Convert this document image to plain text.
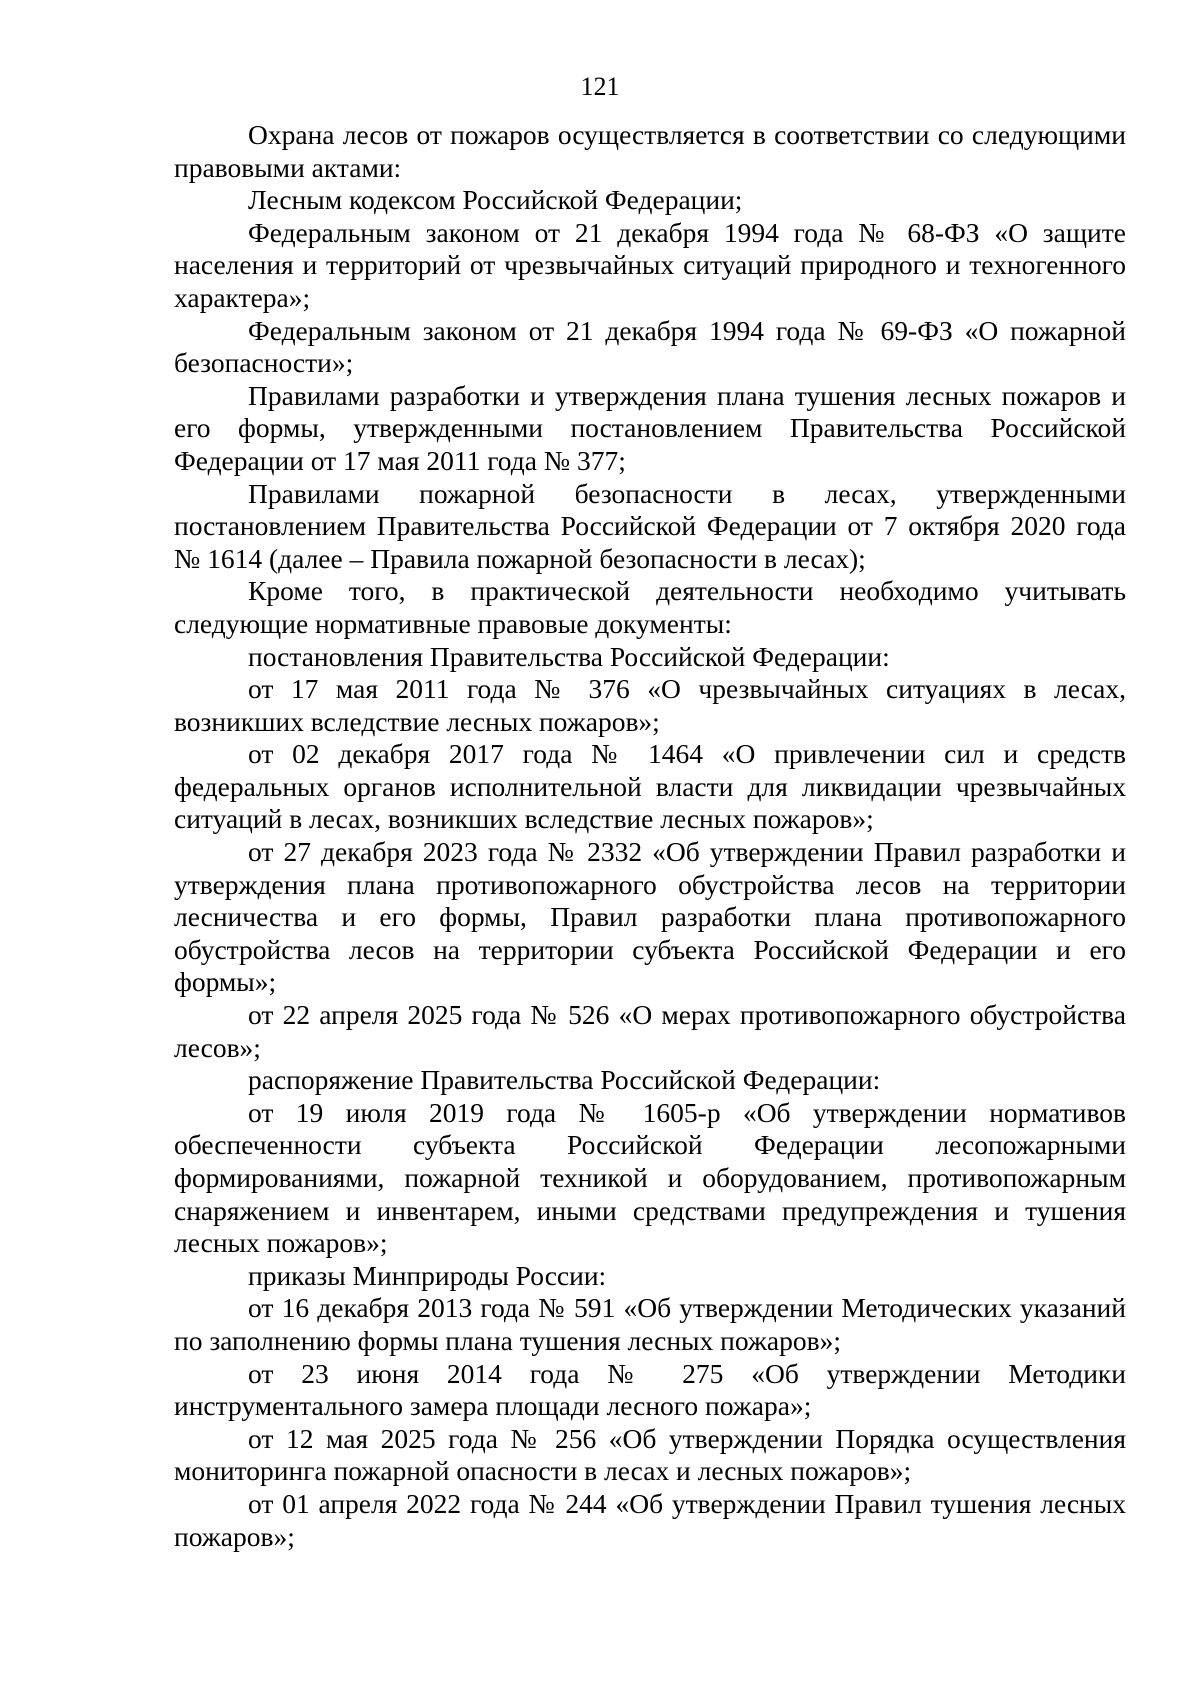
121

Охрана лесов от пожаров осуществляется в соответствии со следующими правовыми актами:

Лесным кодексом Российской Федерации;

Федеральным законом от 21 декабря 1994 года № 68-ФЗ «О защите населения и территорий от чрезвычайных ситуаций природного и техногенного характера»;

Федеральным законом от 21 декабря 1994 года № 69-ФЗ «О пожарной безопасности»;

Правилами разработки и утверждения плана тушения лесных пожаров и его формы, утвержденными постановлением Правительства Российской Федерации от 17 мая 2011 года № 377;

Правилами пожарной безопасности в лесах, утвержденными постановлением Правительства Российской Федерации от 7 октября 2020 года № 1614 (далее – Правила пожарной безопасности в лесах);

Кроме того, в практической деятельности необходимо учитывать следующие нормативные правовые документы:

постановления Правительства Российской Федерации:

от 17 мая 2011 года № 376 «О чрезвычайных ситуациях в лесах, возникших вследствие лесных пожаров»;

от 02 декабря 2017 года № 1464 «О привлечении сил и средств федеральных органов исполнительной власти для ликвидации чрезвычайных ситуаций в лесах, возникших вследствие лесных пожаров»;

от 27 декабря 2023 года № 2332 «Об утверждении Правил разработки и утверждения плана противопожарного обустройства лесов на территории лесничества и его формы, Правил разработки плана противопожарного обустройства лесов на территории субъекта Российской Федерации и его формы»;

от 22 апреля 2025 года № 526 «О мерах противопожарного обустройства лесов»;

распоряжение Правительства Российской Федерации:

от 19 июля 2019 года № 1605-р «Об утверждении нормативов обеспеченности субъекта Российской Федерации лесопожарными формированиями, пожарной техникой и оборудованием, противопожарным снаряжением и инвентарем, иными средствами предупреждения и тушения лесных пожаров»;

приказы Минприроды России:

от 16 декабря 2013 года № 591 «Об утверждении Методических указаний по заполнению формы плана тушения лесных пожаров»;

от 23 июня 2014 года № 275 «Об утверждении Методики инструментального замера площади лесного пожара»;

от 12 мая 2025 года № 256 «Об утверждении Порядка осуществления мониторинга пожарной опасности в лесах и лесных пожаров»;

от 01 апреля 2022 года № 244 «Об утверждении Правил тушения лесных пожаров»;
